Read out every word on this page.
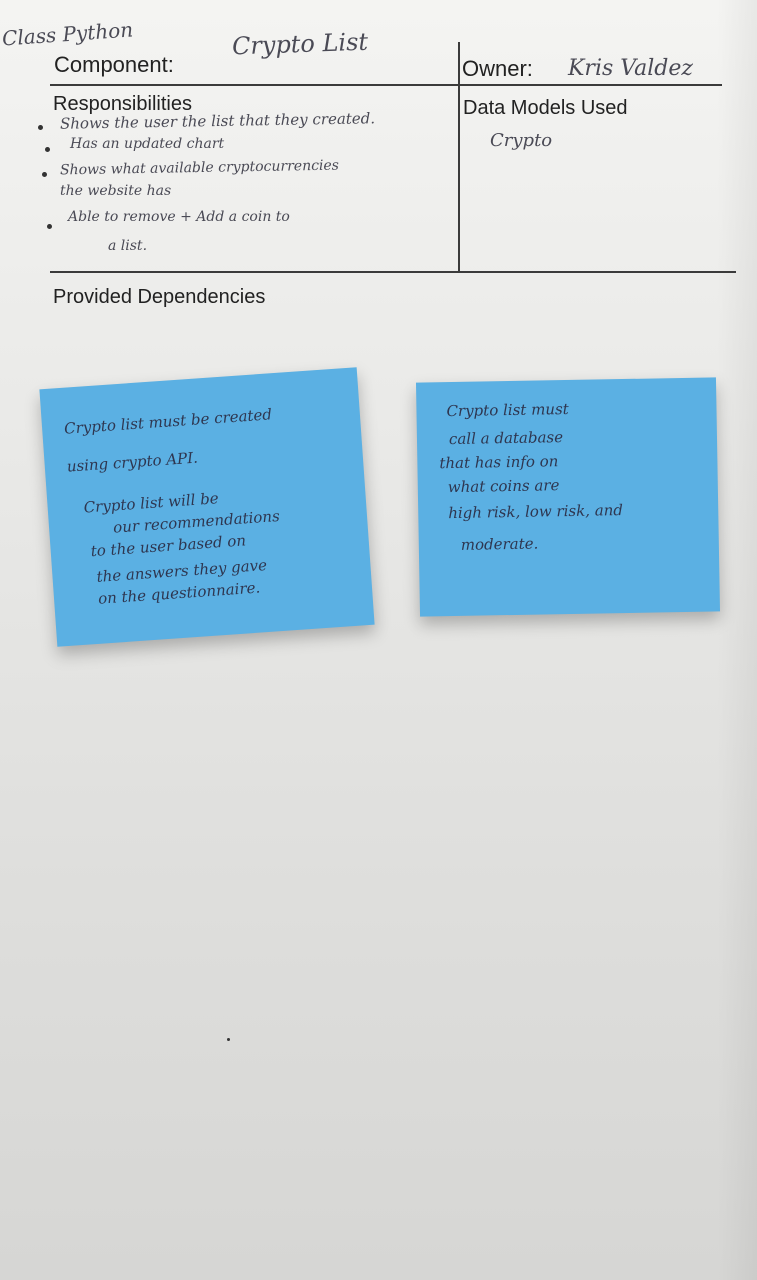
Class Python
Component:
Crypto List
Owner: Kris Valdez
Responsibilities
Shows the user the list that they created.
Has an updated chart
Shows what available cryptocurrencies
the website has
Able to remove + Add a coin to
a list.
Data Models Used
Crypto
Provided Dependencies
Crypto list must be created
using crypto API.
Crypto list will be
our recommendations
to the user based on
the answers they gave
on the questionnaire.
Crypto list must
call a database
that has info on
what coins are
high risk, low risk, and
moderate.
